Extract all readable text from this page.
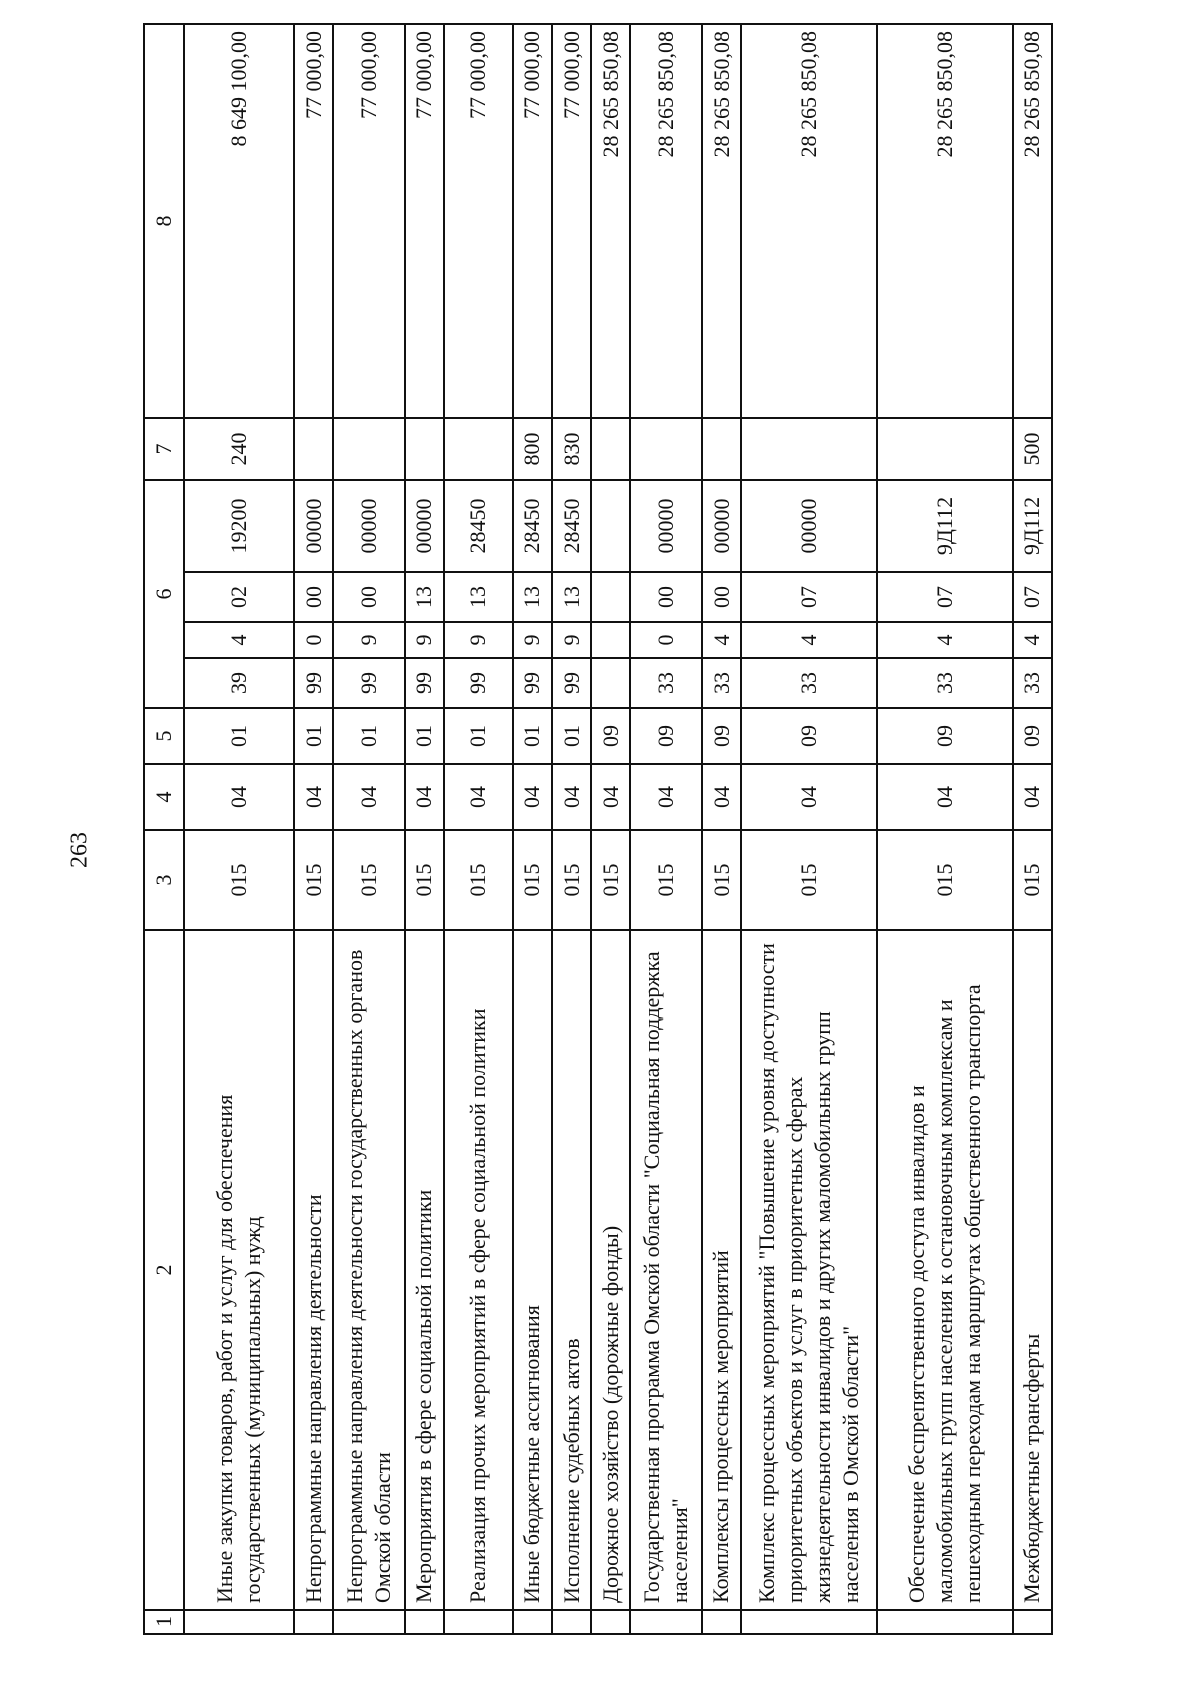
263
1	2	3	4	5	6				7	8
	Иные закупки товаров, работ и услуг для обеспечения государственных (муниципальных) нужд	015	04	01	39	4	02	19200	240	8 649 100,00
	Непрограммные направления деятельности	015	04	01	99	0	00	00000		77 000,00
	Непрограммные направления деятельности государственных органов Омской области	015	04	01	99	9	00	00000		77 000,00
	Мероприятия в сфере социальной политики	015	04	01	99	9	13	00000		77 000,00
	Реализация прочих мероприятий в сфере социальной политики	015	04	01	99	9	13	28450		77 000,00
	Иные бюджетные ассигнования	015	04	01	99	9	13	28450	800	77 000,00
	Исполнение судебных актов	015	04	01	99	9	13	28450	830	77 000,00
	Дорожное хозяйство (дорожные фонды)	015	04	09						28 265 850,08
	Государственная программа Омской области "Социальная поддержка населения"	015	04	09	33	0	00	00000		28 265 850,08
	Комплексы процессных мероприятий	015	04	09	33	4	00	00000		28 265 850,08
	Комплекс процессных мероприятий "Повышение уровня доступности приоритетных объектов и услуг в приоритетных сферах жизнедеятельности инвалидов и других маломобильных групп населения в Омской области"	015	04	09	33	4	07	00000		28 265 850,08
	Обеспечение беспрепятственного доступа инвалидов и маломобильных групп населения к остановочным комплексам и пешеходным переходам на маршрутах общественного транспорта	015	04	09	33	4	07	9Д112		28 265 850,08
	Межбюджетные трансферты	015	04	09	33	4	07	9Д112	500	28 265 850,08
